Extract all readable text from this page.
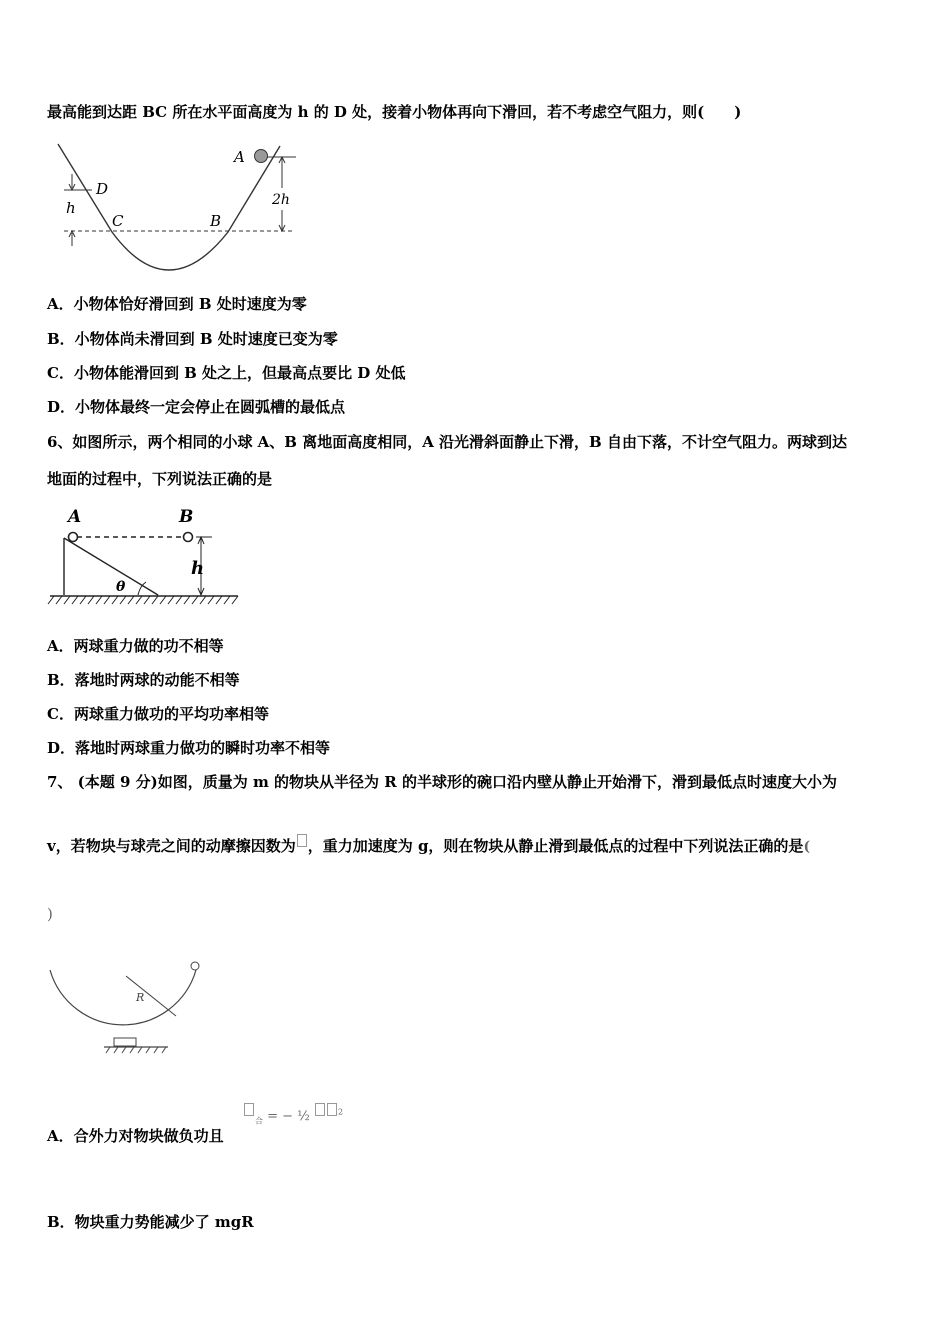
最高能到达距 BC 所在水平面高度为 h 的 D 处，接着小物体再向下滑回，若不考虑空气阻力，则(　　)
A
D
h
C	B
2h
A．小物体恰好滑回到 B 处时速度为零
B．小物体尚未滑回到 B 处时速度已变为零
C．小物体能滑回到 B 处之上，但最高点要比 D 处低
D．小物体最终一定会停止在圆弧槽的最低点
6、如图所示，两个相同的小球 A、B 离地面高度相同，A 沿光滑斜面静止下滑，B 自由下落，不计空气阻力。两球到达
地面的过程中，下列说法正确的是
A	B
h
θ
A．两球重力做的功不相等
B．落地时两球的动能不相等
C．两球重力做功的平均功率相等
D．落地时两球重力做功的瞬时功率不相等
7、 (本题 9 分)如图，质量为 m 的物块从半径为 R 的半球形的碗口沿内壁从静止开始滑下，滑到最低点时速度大小为
v，若物块与球壳之间的动摩擦因数为 ，重力加速度为 g，则在物块从静止滑到最低点的过程中下列说法正确的是(
)
R
A．合外力对物块做负功且
$_合$ = − ½	$^2$
B．物块重力势能减少了 mgR
